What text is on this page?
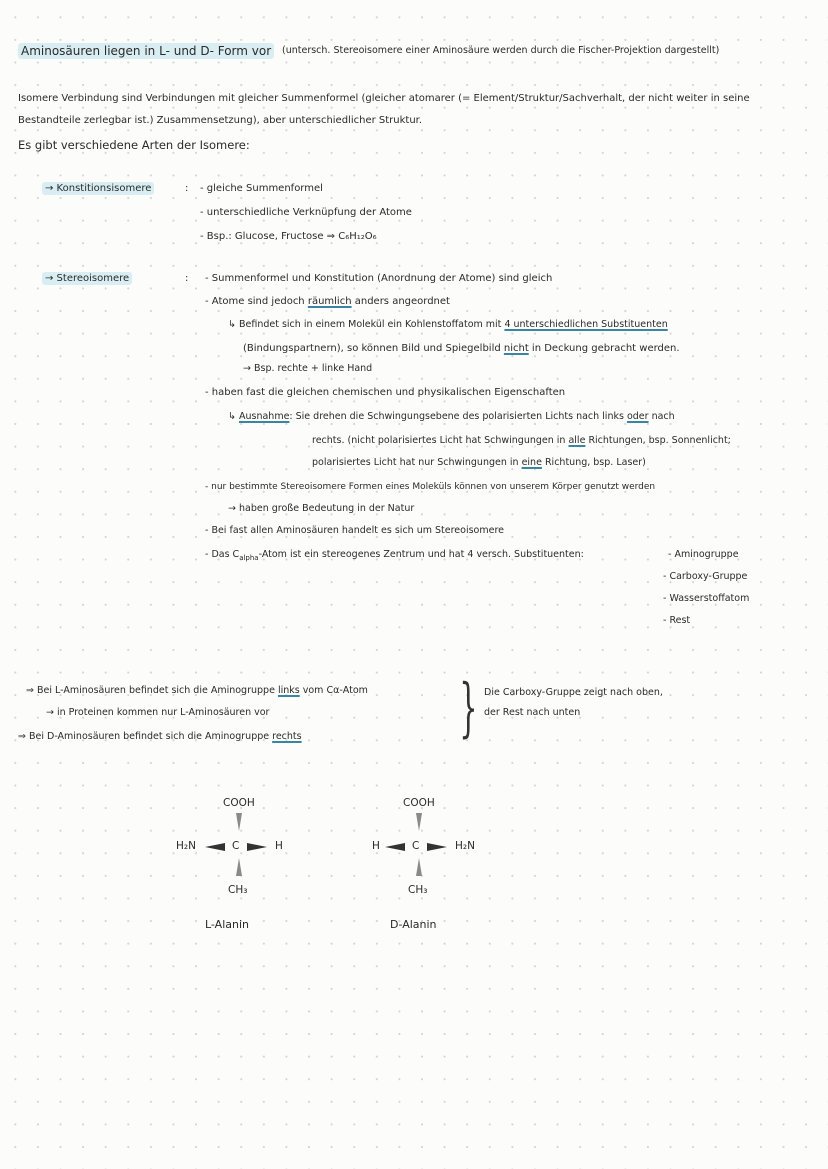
Aminosäuren liegen in L- und D- Form vor	(untersch. Stereoisomere einer Aminosäure werden durch die Fischer-Projektion dargestellt)
Isomere Verbindung sind Verbindungen mit gleicher Summenformel (gleicher atomarer (= Element/Struktur/Sachverhalt, der nicht weiter in seine
Bestandteile zerlegbar ist.) Zusammensetzung), aber unterschiedlicher Struktur.
Es gibt verschiedene Arten der Isomere:
→ Konstitionsisomere	: - gleiche Summenformel
- unterschiedliche Verknüpfung der Atome
- Bsp.: Glucose, Fructose ⇒ C₆H₁₂O₆
→ Stereoisomere	: - Summenformel und Konstitution (Anordnung der Atome) sind gleich
- Atome sind jedoch räumlich anders angeordnet
↳ Befindet sich in einem Molekül ein Kohlenstoffatom mit 4 unterschiedlichen Substituenten
(Bindungspartnern), so können Bild und Spiegelbild nicht in Deckung gebracht werden.
→ Bsp. rechte + linke Hand
- haben fast die gleichen chemischen und physikalischen Eigenschaften
↳ Ausnahme: Sie drehen die Schwingungsebene des polarisierten Lichts nach links oder nach
rechts. (nicht polarisiertes Licht hat Schwingungen in alle Richtungen, bsp. Sonnenlicht;
polarisiertes Licht hat nur Schwingungen in eine Richtung, bsp. Laser)
- nur bestimmte Stereoisomere Formen eines Moleküls können von unserem Körper genutzt werden
→ haben große Bedeutung in der Natur
- Bei fast allen Aminosäuren handelt es sich um Stereoisomere
- Das $C_{alpha}$-Atom ist ein stereogenes Zentrum und hat 4 versch. Substituenten:	- Aminogruppe
- Carboxy-Gruppe
- Wasserstoffatom
- Rest
⇒ Bei L-Aminosäuren befindet sich die Aminogruppe links vom Cα-Atom
→ in Proteinen kommen nur L-Aminosäuren vor
⇒ Bei D-Aminosäuren befindet sich die Aminogruppe rechts } Die Carboxy-Gruppe zeigt nach oben,
der Rest nach unten
COOH
H₂N	C	H
CH₃
L-Alanin
COOH
H	C	H₂N
CH₃
D-Alanin
